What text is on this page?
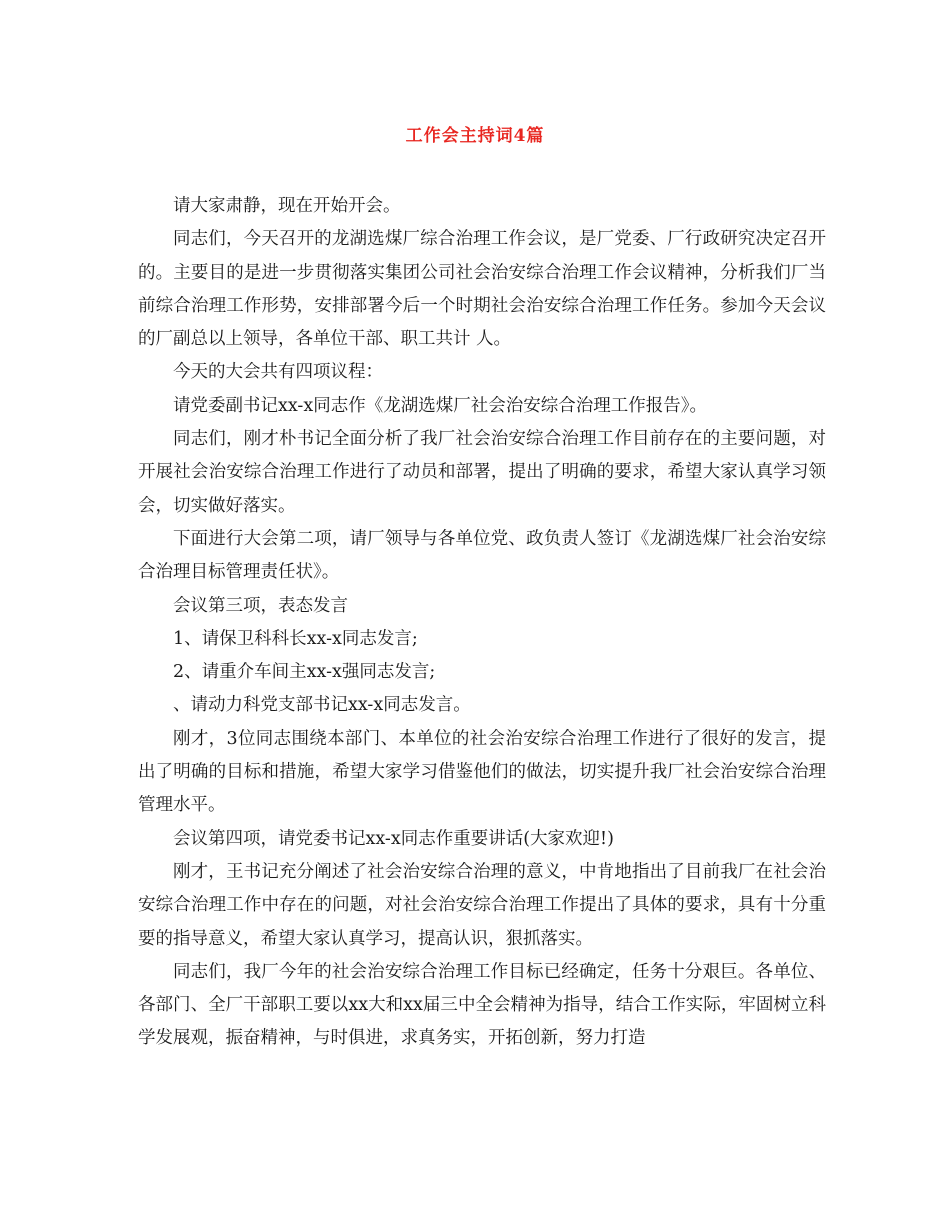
工作会主持词4篇

请大家肃静，现在开始开会。

同志们，今天召开的龙湖选煤厂综合治理工作会议，是厂党委、厂行政研究决定召开的。主要目的是进一步贯彻落实集团公司社会治安综合治理工作会议精神，分析我们厂当前综合治理工作形势，安排部署今后一个时期社会治安综合治理工作任务。参加今天会议的厂副总以上领导，各单位干部、职工共计 人。

今天的大会共有四项议程：

请党委副书记xx-x同志作《龙湖选煤厂社会治安综合治理工作报告》。

同志们，刚才朴书记全面分析了我厂社会治安综合治理工作目前存在的主要问题，对开展社会治安综合治理工作进行了动员和部署，提出了明确的要求，希望大家认真学习领会，切实做好落实。

下面进行大会第二项，请厂领导与各单位党、政负责人签订《龙湖选煤厂社会治安综合治理目标管理责任状》。

会议第三项，表态发言

1、请保卫科科长xx-x同志发言;

2、请重介车间主xx-x强同志发言;

、请动力科党支部书记xx-x同志发言。

刚才，3位同志围绕本部门、本单位的社会治安综合治理工作进行了很好的发言，提出了明确的目标和措施，希望大家学习借鉴他们的做法，切实提升我厂社会治安综合治理管理水平。

会议第四项，请党委书记xx-x同志作重要讲话(大家欢迎!)

刚才，王书记充分阐述了社会治安综合治理的意义，中肯地指出了目前我厂在社会治安综合治理工作中存在的问题，对社会治安综合治理工作提出了具体的要求，具有十分重要的指导意义，希望大家认真学习，提高认识，狠抓落实。

同志们，我厂今年的社会治安综合治理工作目标已经确定，任务十分艰巨。各单位、各部门、全厂干部职工要以xx大和xx届三中全会精神为指导，结合工作实际，牢固树立科学发展观，振奋精神，与时俱进，求真务实，开拓创新，努力打造
